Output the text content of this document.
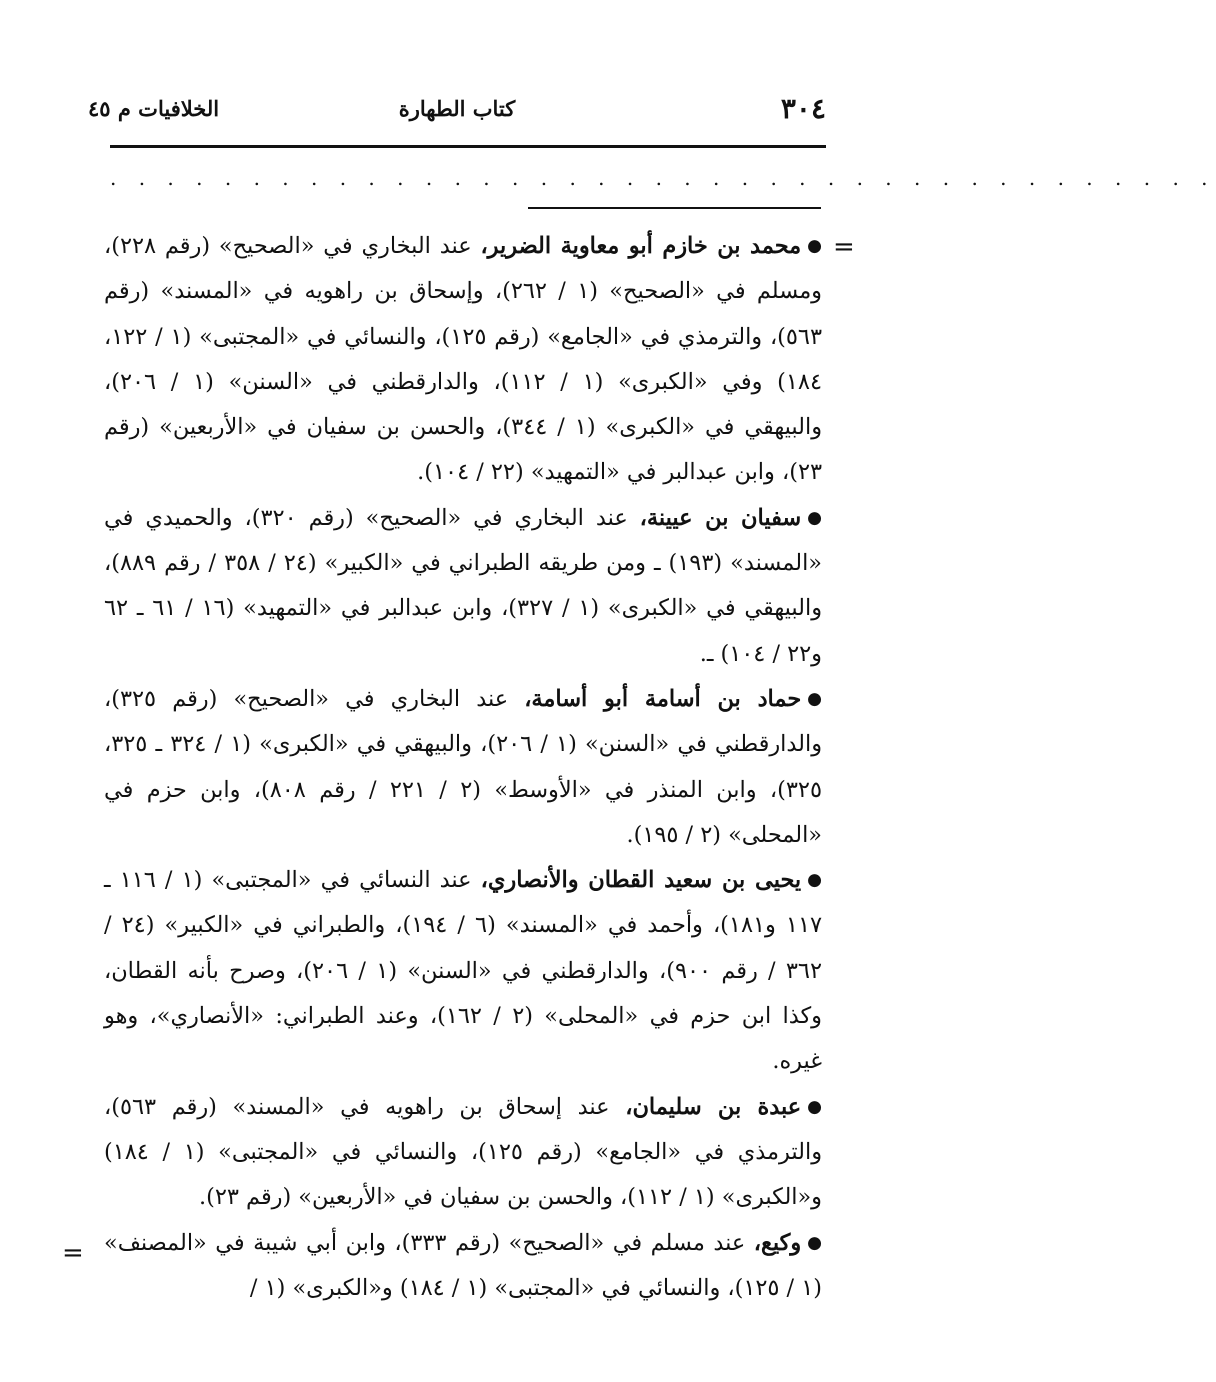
٣٠٤
كتاب الطهارة
الخلافيات م ٤٥
. . . . . . . . . . . . . . . . . . . . . . . . . . . . . . . . . . . . . . .
=
=

●محمد بن خازم أبو معاوية الضرير، عند البخاري في «الصحيح» (رقم ٢٢٨)، ومسلم في «الصحيح» (١ / ٢٦٢)، وإسحاق بن راهويه في «المسند» (رقم ٥٦٣)، والترمذي في «الجامع» (رقم ١٢٥)، والنسائي في «المجتبى» (١ / ١٢٢، ١٨٤) وفي «الكبرى» (١ / ١١٢)، والدارقطني في «السنن» (١ / ٢٠٦)، والبيهقي في «الكبرى» (١ / ٣٤٤)، والحسن بن سفيان في «الأربعين» (رقم ٢٣)، وابن عبدالبر في «التمهيد» (٢٢ / ١٠٤).

●سفيان بن عيينة، عند البخاري في «الصحيح» (رقم ٣٢٠)، والحميدي في «المسند» (١٩٣) ـ ومن طريقه الطبراني في «الكبير» (٢٤ / ٣٥٨ / رقم ٨٨٩)، والبيهقي في «الكبرى» (١ / ٣٢٧)، وابن عبدالبر في «التمهيد» (١٦ / ٦١ ـ ٦٢ و٢٢ / ١٠٤) ـ.

●حماد بن أسامة أبو أسامة، عند البخاري في «الصحيح» (رقم ٣٢٥)، والدارقطني في «السنن» (١ / ٢٠٦)، والبيهقي في «الكبرى» (١ / ٣٢٤ ـ ٣٢٥، ٣٢٥)، وابن المنذر في «الأوسط» (٢ / ٢٢١ / رقم ٨٠٨)، وابن حزم في «المحلى» (٢ / ١٩٥).

●يحيى بن سعيد القطان والأنصاري، عند النسائي في «المجتبى» (١ / ١١٦ ـ ١١٧ و١٨١)، وأحمد في «المسند» (٦ / ١٩٤)، والطبراني في «الكبير» (٢٤ / ٣٦٢ / رقم ٩٠٠)، والدارقطني في «السنن» (١ / ٢٠٦)، وصرح بأنه القطان، وكذا ابن حزم في «المحلى» (٢ / ١٦٢)، وعند الطبراني: «الأنصاري»، وهو غيره.

●عبدة بن سليمان، عند إسحاق بن راهويه في «المسند» (رقم ٥٦٣)، والترمذي في «الجامع» (رقم ١٢٥)، والنسائي في «المجتبى» (١ / ١٨٤) و«الكبرى» (١ / ١١٢)، والحسن بن سفيان في «الأربعين» (رقم ٢٣).

●وكيع، عند مسلم في «الصحيح» (رقم ٣٣٣)، وابن أبي شيبة في «المصنف» (١ / ١٢٥)، والنسائي في «المجتبى» (١ / ١٨٤) و«الكبرى» (١ /
